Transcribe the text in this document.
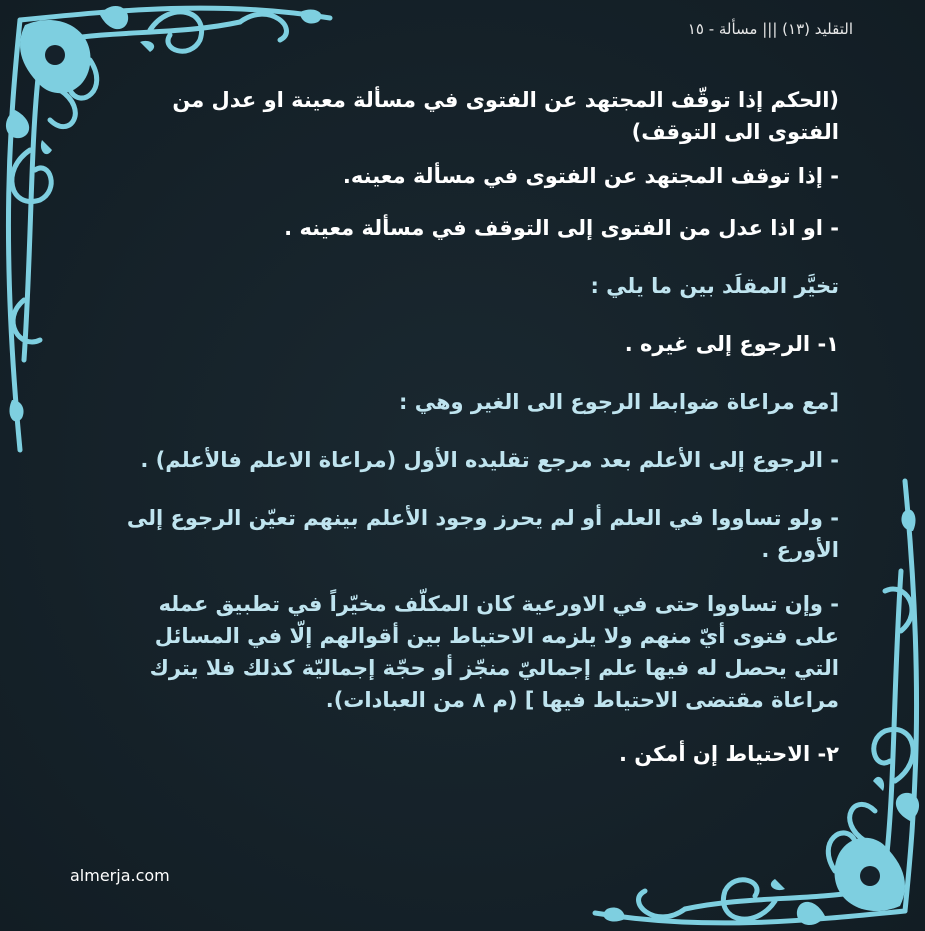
التقليد (١٣) ||| مسألة - ١٥

(الحكم إذا توقّف المجتهد عن الفتوى في مسألة معينة او عدل من الفتوى الى التوقف)

- إذا توقف المجتهد عن الفتوى في مسألة معينه.

- او اذا عدل من الفتوى إلى التوقف في مسألة معينه .

تخيَّر المقلَد بين ما يلي :

١- الرجوع إلى غيره .

[مع مراعاة ضوابط الرجوع الى الغير وهي :

- الرجوع إلى الأعلم بعد مرجع تقليده الأول (مراعاة الاعلم فالأعلم) .

- ولو تساووا في العلم أو لم يحرز وجود الأعلم بينهم تعيّن الرجوع إلى الأورع .

- وإن تساووا حتى في الاورعية كان المكلّف مخيّراً في تطبيق عمله على فتوى أيّ منهم ولا يلزمه الاحتياط بين أقوالهم إلّا في المسائل التي يحصل له فيها علم إجماليّ منجّز أو حجّة إجماليّة كذلك فلا يترك مراعاة مقتضى الاحتياط فيها ] (م ٨ من العبادات).

٢- الاحتياط إن أمكن .

almerja.com
